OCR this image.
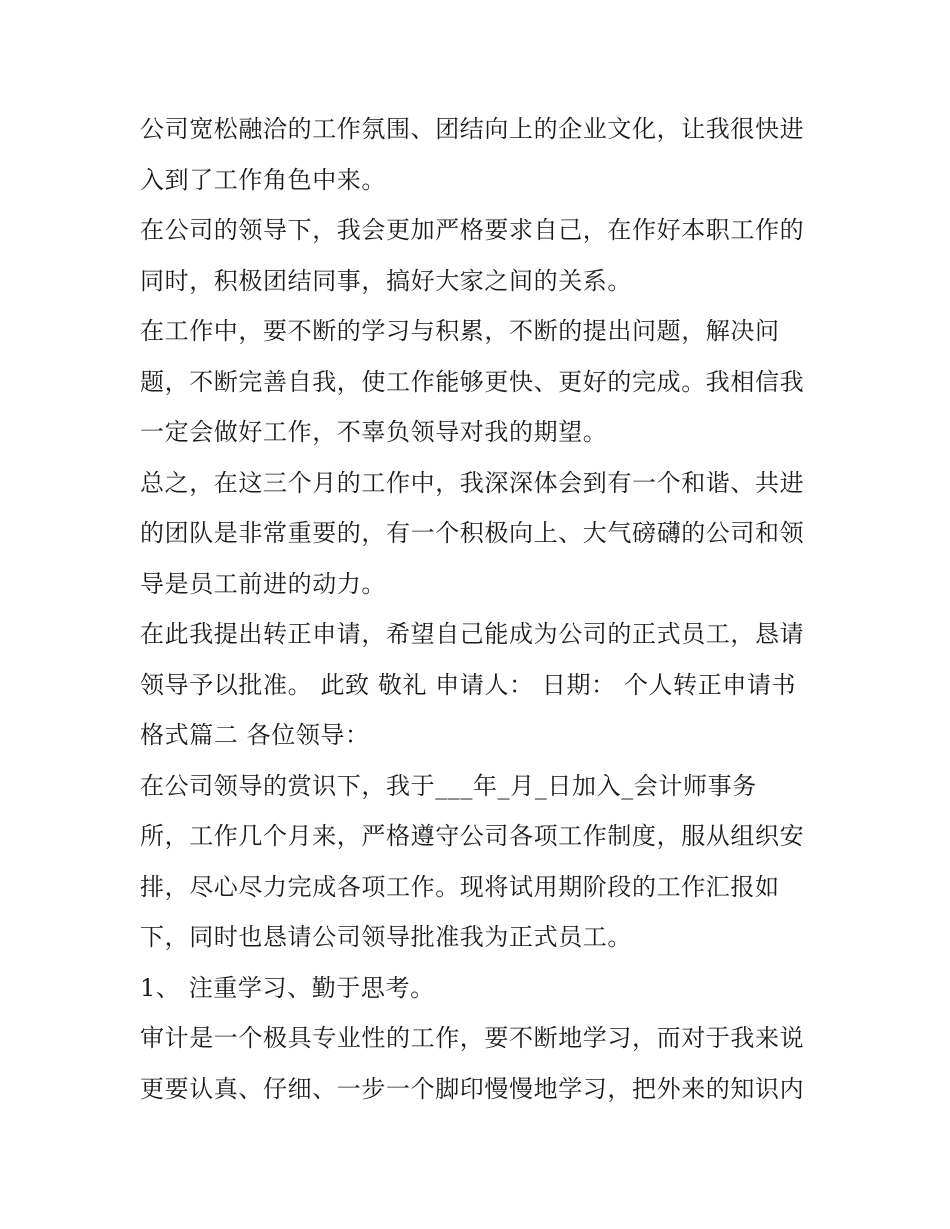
公司宽松融洽的工作氛围、团结向上的企业文化，让我很快进
入到了工作角色中来。
在公司的领导下，我会更加严格要求自己，在作好本职工作的
同时，积极团结同事，搞好大家之间的关系。
在工作中，要不断的学习与积累，不断的提出问题，解决问
题，不断完善自我，使工作能够更快、更好的完成。我相信我
一定会做好工作，不辜负领导对我的期望。
总之，在这三个月的工作中，我深深体会到有一个和谐、共进
的团队是非常重要的，有一个积极向上、大气磅礴的公司和领
导是员工前进的动力。
在此我提出转正申请，希望自己能成为公司的正式员工，恳请
领导予以批准。 此致 敬礼 申请人： 日期： 个人转正申请书
格式篇二 各位领导：
在公司领导的赏识下，我于___年_月_日加入_会计师事务
所，工作几个月来，严格遵守公司各项工作制度，服从组织安
排，尽心尽力完成各项工作。现将试用期阶段的工作汇报如
下，同时也恳请公司领导批准我为正式员工。
1、 注重学习、勤于思考。
审计是一个极具专业性的工作，要不断地学习，而对于我来说
更要认真、仔细、一步一个脚印慢慢地学习，把外来的知识内
